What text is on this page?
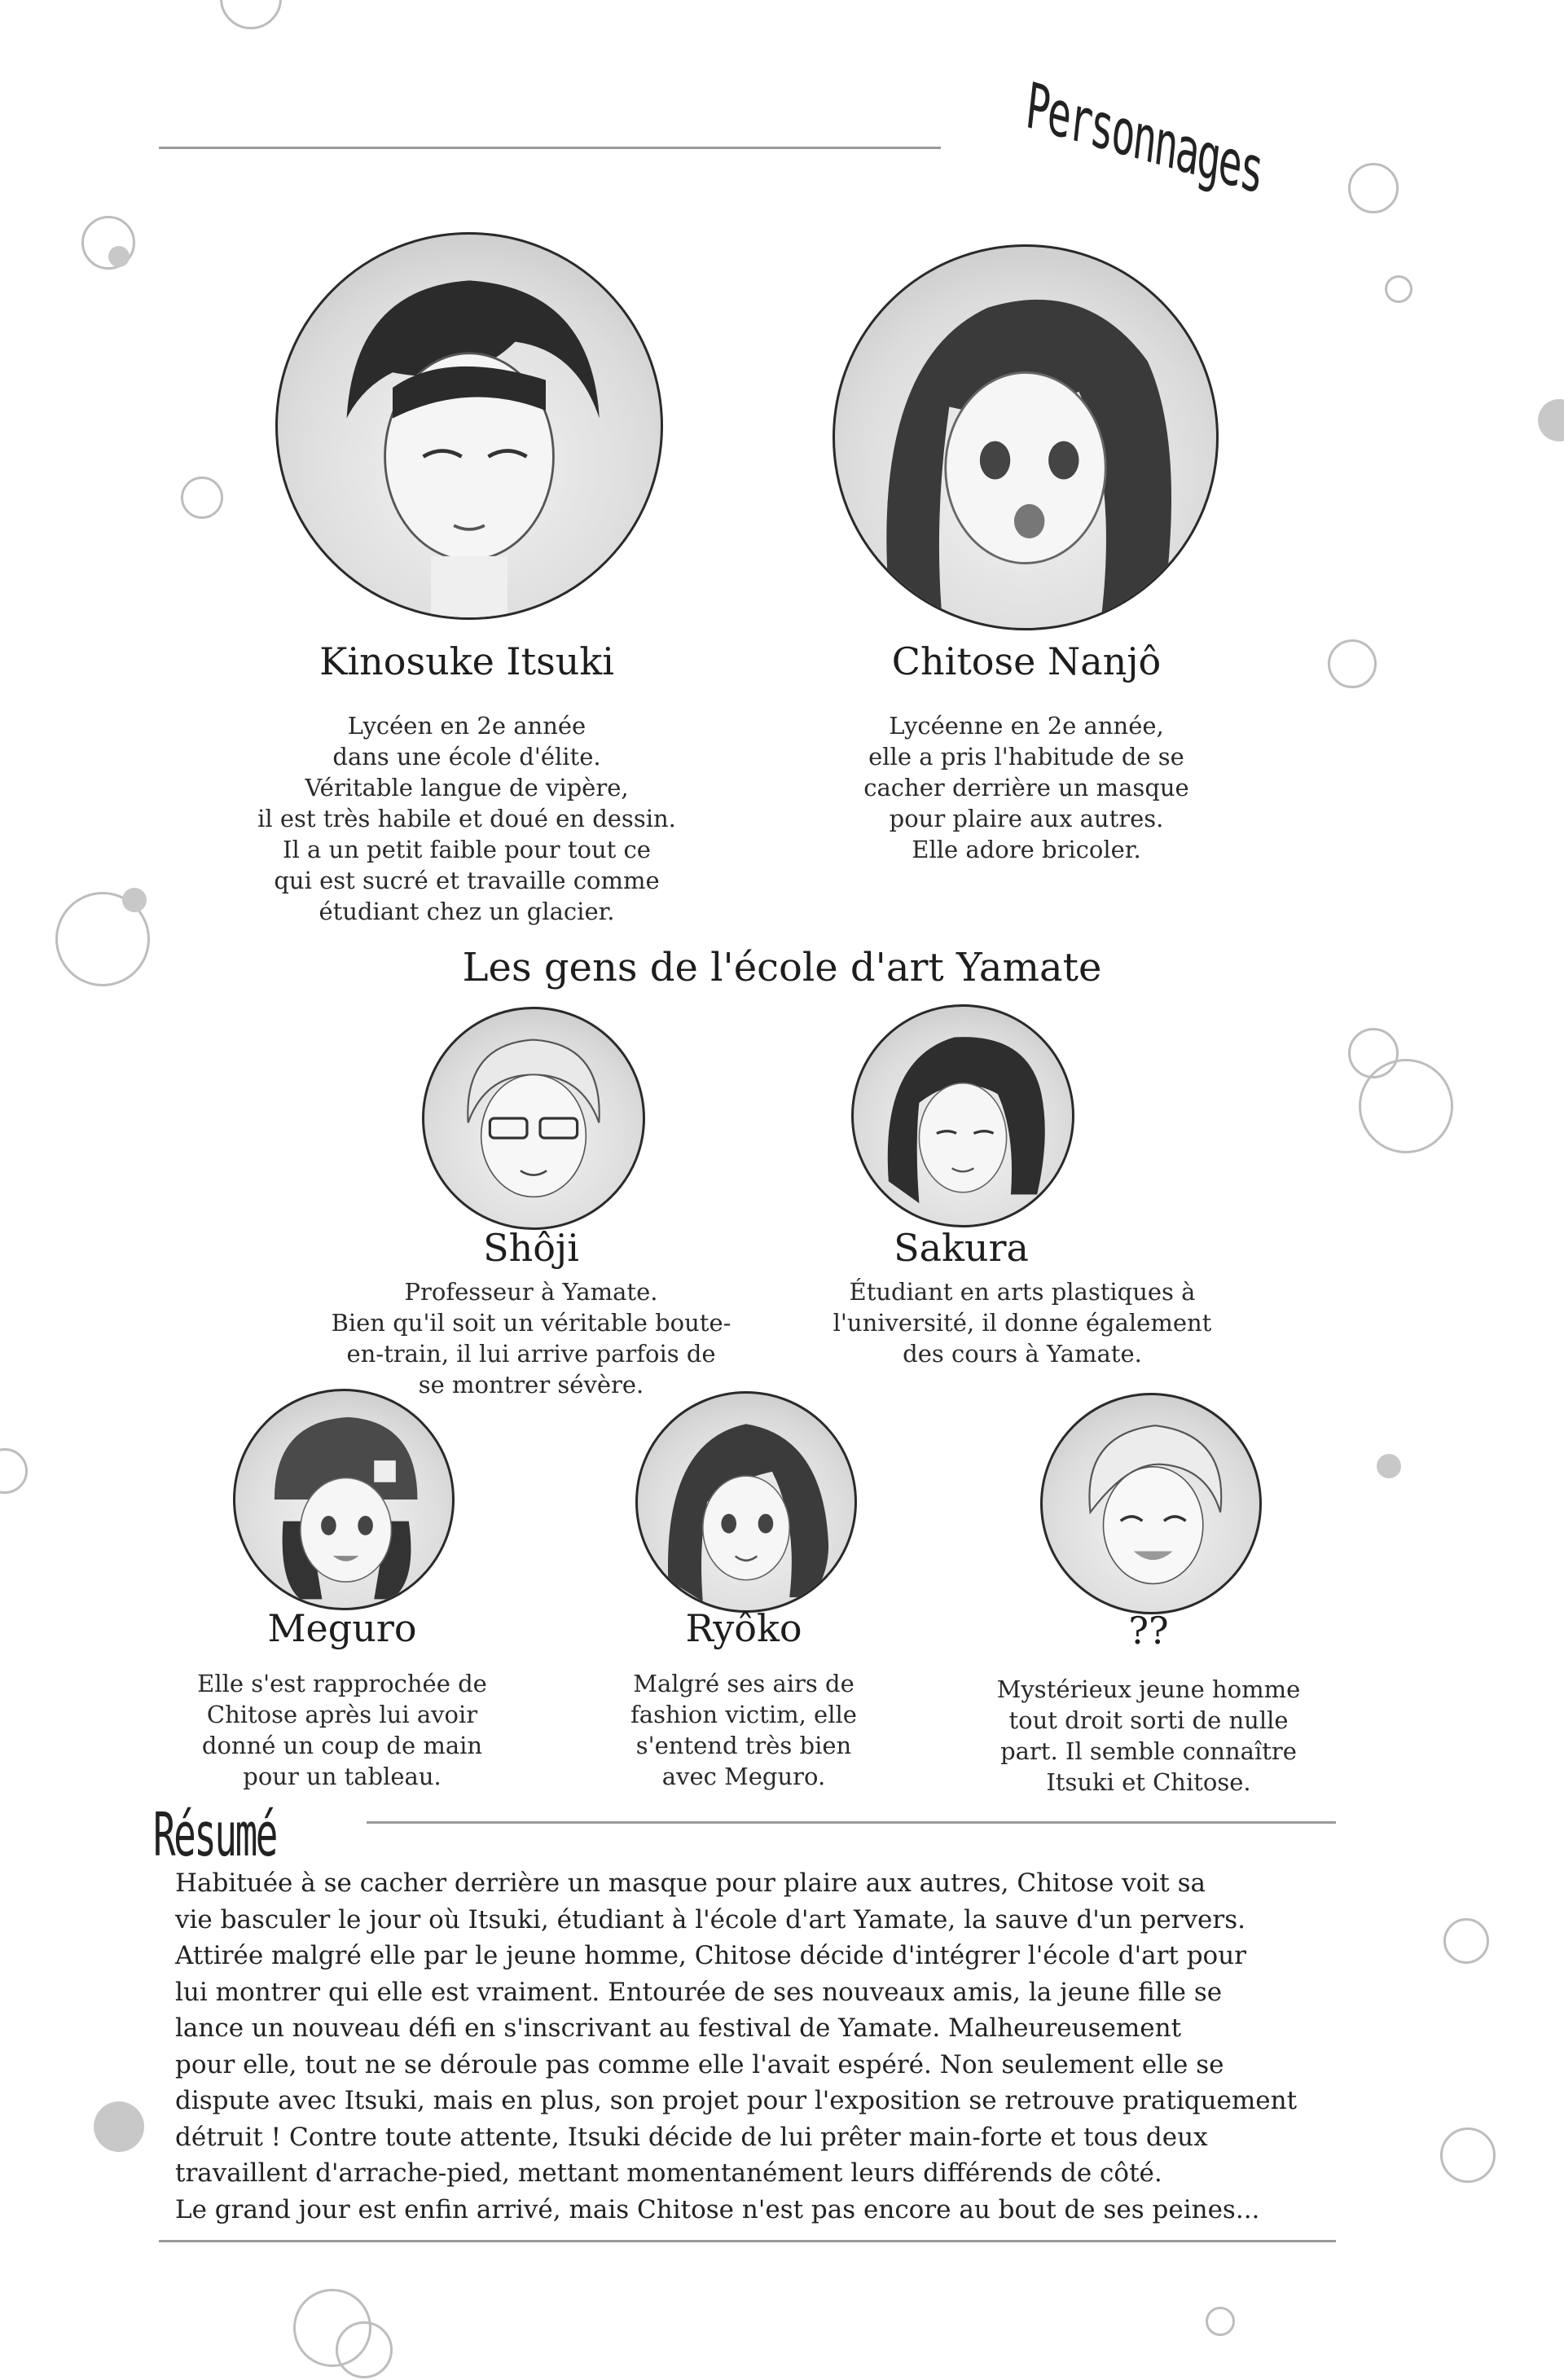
Personnages
Kinosuke Itsuki
Lycéen en 2e année
dans une école d'élite.
Véritable langue de vipère,
il est très habile et doué en dessin.
Il a un petit faible pour tout ce
qui est sucré et travaille comme
étudiant chez un glacier.
Chitose Nanjô
Lycéenne en 2e année,
elle a pris l'habitude de se
cacher derrière un masque
pour plaire aux autres.
Elle adore bricoler.
Les gens de l'école d'art Yamate
Shôji
Professeur à Yamate.
Bien qu'il soit un véritable boute-
en-train, il lui arrive parfois de
se montrer sévère.
Sakura
Étudiant en arts plastiques à
l'université, il donne également
des cours à Yamate.
Meguro
Elle s'est rapprochée de
Chitose après lui avoir
donné un coup de main
pour un tableau.
Ryôko
Malgré ses airs de
fashion victim, elle
s'entend très bien
avec Meguro.
??
Mystérieux jeune homme
tout droit sorti de nulle
part. Il semble connaître
Itsuki et Chitose.
Résumé
Habituée à se cacher derrière un masque pour plaire aux autres, Chitose voit sa
vie basculer le jour où Itsuki, étudiant à l'école d'art Yamate, la sauve d'un pervers.
Attirée malgré elle par le jeune homme, Chitose décide d'intégrer l'école d'art pour
lui montrer qui elle est vraiment. Entourée de ses nouveaux amis, la jeune fille se
lance un nouveau défi en s'inscrivant au festival de Yamate. Malheureusement
pour elle, tout ne se déroule pas comme elle l'avait espéré. Non seulement elle se
dispute avec Itsuki, mais en plus, son projet pour l'exposition se retrouve pratiquement
détruit ! Contre toute attente, Itsuki décide de lui prêter main-forte et tous deux
travaillent d'arrache-pied, mettant momentanément leurs différends de côté.
Le grand jour est enfin arrivé, mais Chitose n'est pas encore au bout de ses peines...
